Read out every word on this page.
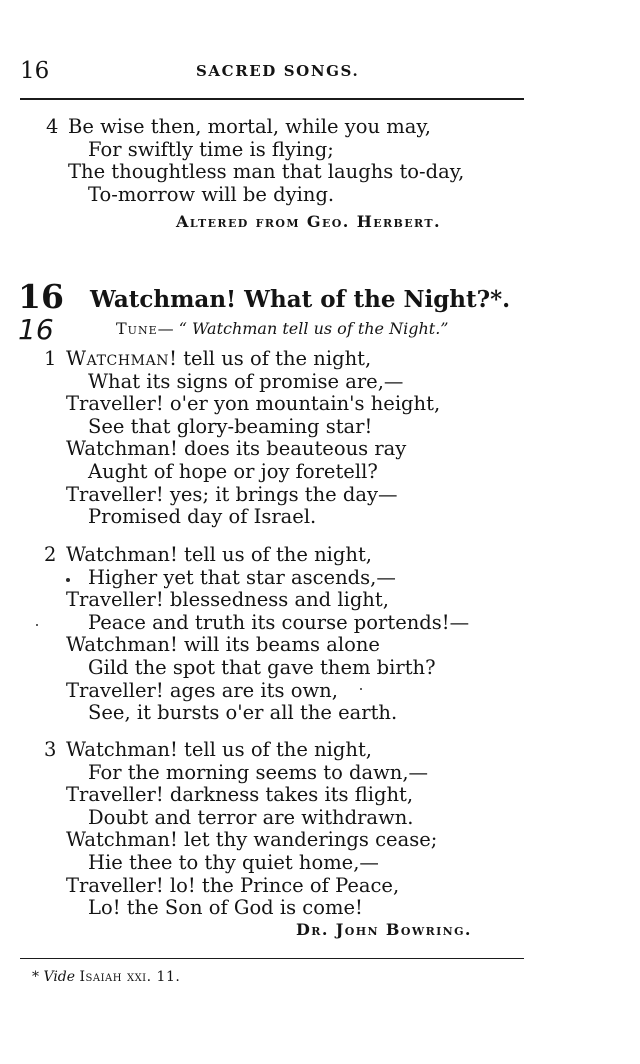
16	SACRED SONGS.
4 Be wise then, mortal, while you may,
For swiftly time is flying;
The thoughtless man that laughs to-day,
To-morrow will be dying.
Altered from Geo. Herbert.
16 Watchman! What of the Night?*.
16	Tune— “ Watchman tell us of the Night.”
1 Watchman! tell us of the night,
What its signs of promise are,—
Traveller! o'er yon mountain's height,
See that glory-beaming star!
Watchman! does its beauteous ray
Aught of hope or joy foretell?
Traveller! yes; it brings the day—
Promised day of Israel.
2 Watchman! tell us of the night,
Higher yet that star ascends,—
Traveller! blessedness and light,
Peace and truth its course portends!—
Watchman! will its beams alone
Gild the spot that gave them birth?
Traveller! ages are its own,
See, it bursts o'er all the earth.
3 Watchman! tell us of the night,
For the morning seems to dawn,—
Traveller! darkness takes its flight,
Doubt and terror are withdrawn.
Watchman! let thy wanderings cease;
Hie thee to thy quiet home,—
Traveller! lo! the Prince of Peace,
Lo! the Son of God is come!
Dr. John Bowring.
* Vide Isaiah xxi. 11.
